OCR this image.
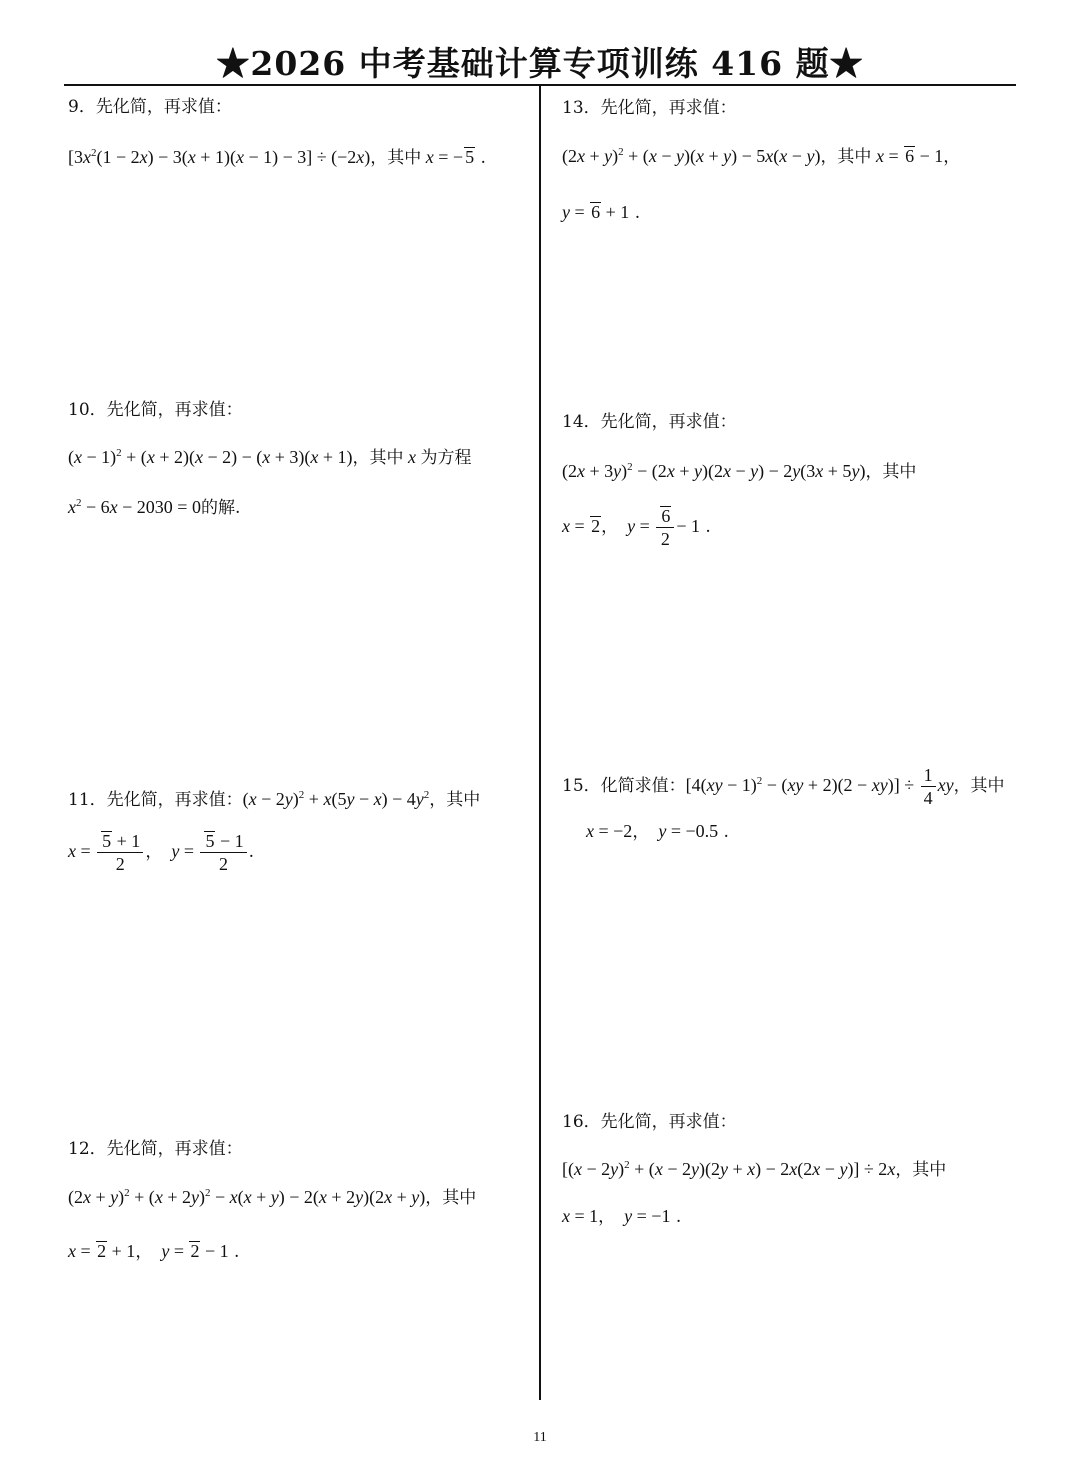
★2026 中考基础计算专项训练 416 题★
9．先化简，再求值：
$[3x^2(1 - 2x) - 3(x + 1)(x - 1) - 3] \div (-2x)$，其中 x = − 5 .
10．先化简，再求值：
$(x - 1)^2 + (x + 2)(x - 2) - (x + 3)(x + 1)$，其中 x 为方程
$x^2 - 6x - 2030 = 0$的解.
11．先化简，再求值：$(x - 2y)^2 + x(5y - x) - 4y^2$，其中
$x = \frac{5 + 1}{2}$ ， $y = \frac{5 - 1}{2}$ .
12．先化简，再求值：
$(2x + y)^2 + (x + 2y)^2 - x(x + y) - 2(x + 2y)(2x + y)$，其中
x = 2 + 1， y = 2 − 1 .
13．先化简，再求值：
$(2x + y)^2 + (x - y)(x + y) - 5x(x - y)$，其中 x = 6 − 1，
y = 6 + 1 .
14．先化简，再求值：
$(2x + 3y)^2 - (2x + y)(2x - y) - 2y(3x + 5y)$，其中
x = 2， $y = \frac{6}{2} - 1$ .
15．化简求值：$[4(xy - 1)^2 - (xy + 2)(2 - xy)] \div \frac{1}{4}$ xy，其中
x = −2， y = −0.5 .
16．先化简，再求值：
$[(x - 2y)^2 + (x - 2y)(2y + x) - 2x(2x - y)] \div 2x$，其中
x = 1， y = −1 .
11
